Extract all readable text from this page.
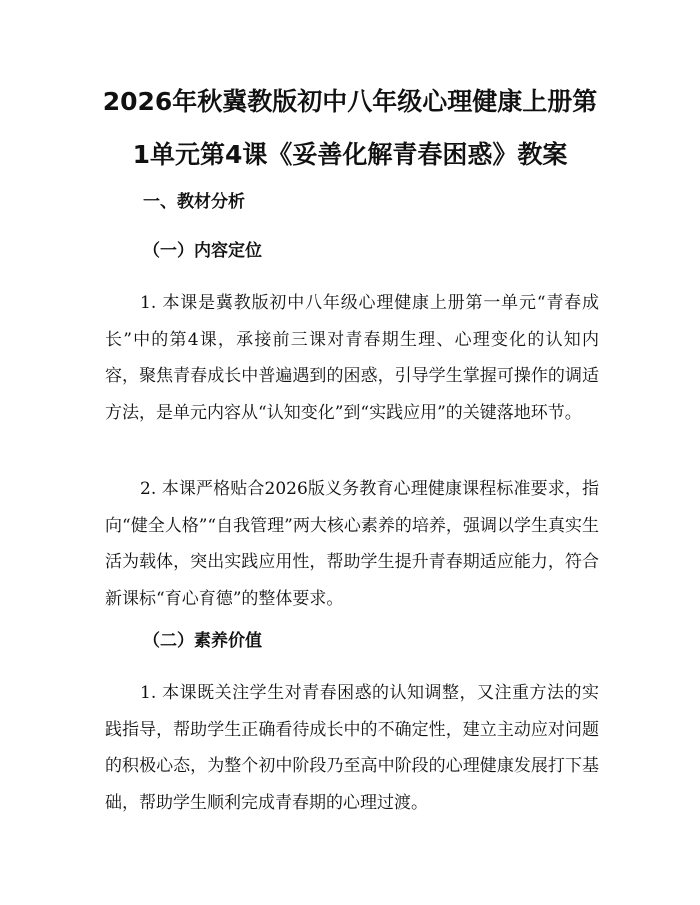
2026年秋冀教版初中八年级心理健康上册第
1单元第4课《妥善化解青春困惑》教案
一、教材分析
（一）内容定位

1. 本课是冀教版初中八年级心理健康上册第一单元“青春成长”中的第4课，承接前三课对青春期生理、心理变化的认知内容，聚焦青春成长中普遍遇到的困惑，引导学生掌握可操作的调适方法，是单元内容从“认知变化”到“实践应用”的关键落地环节。

2. 本课严格贴合2026版义务教育心理健康课程标准要求，指向“健全人格”“自我管理”两大核心素养的培养，强调以学生真实生活为载体，突出实践应用性，帮助学生提升青春期适应能力，符合新课标“育心育德”的整体要求。

（二）素养价值

1. 本课既关注学生对青春困惑的认知调整，又注重方法的实践指导，帮助学生正确看待成长中的不确定性，建立主动应对问题的积极心态，为整个初中阶段乃至高中阶段的心理健康发展打下基础，帮助学生顺利完成青春期的心理过渡。
